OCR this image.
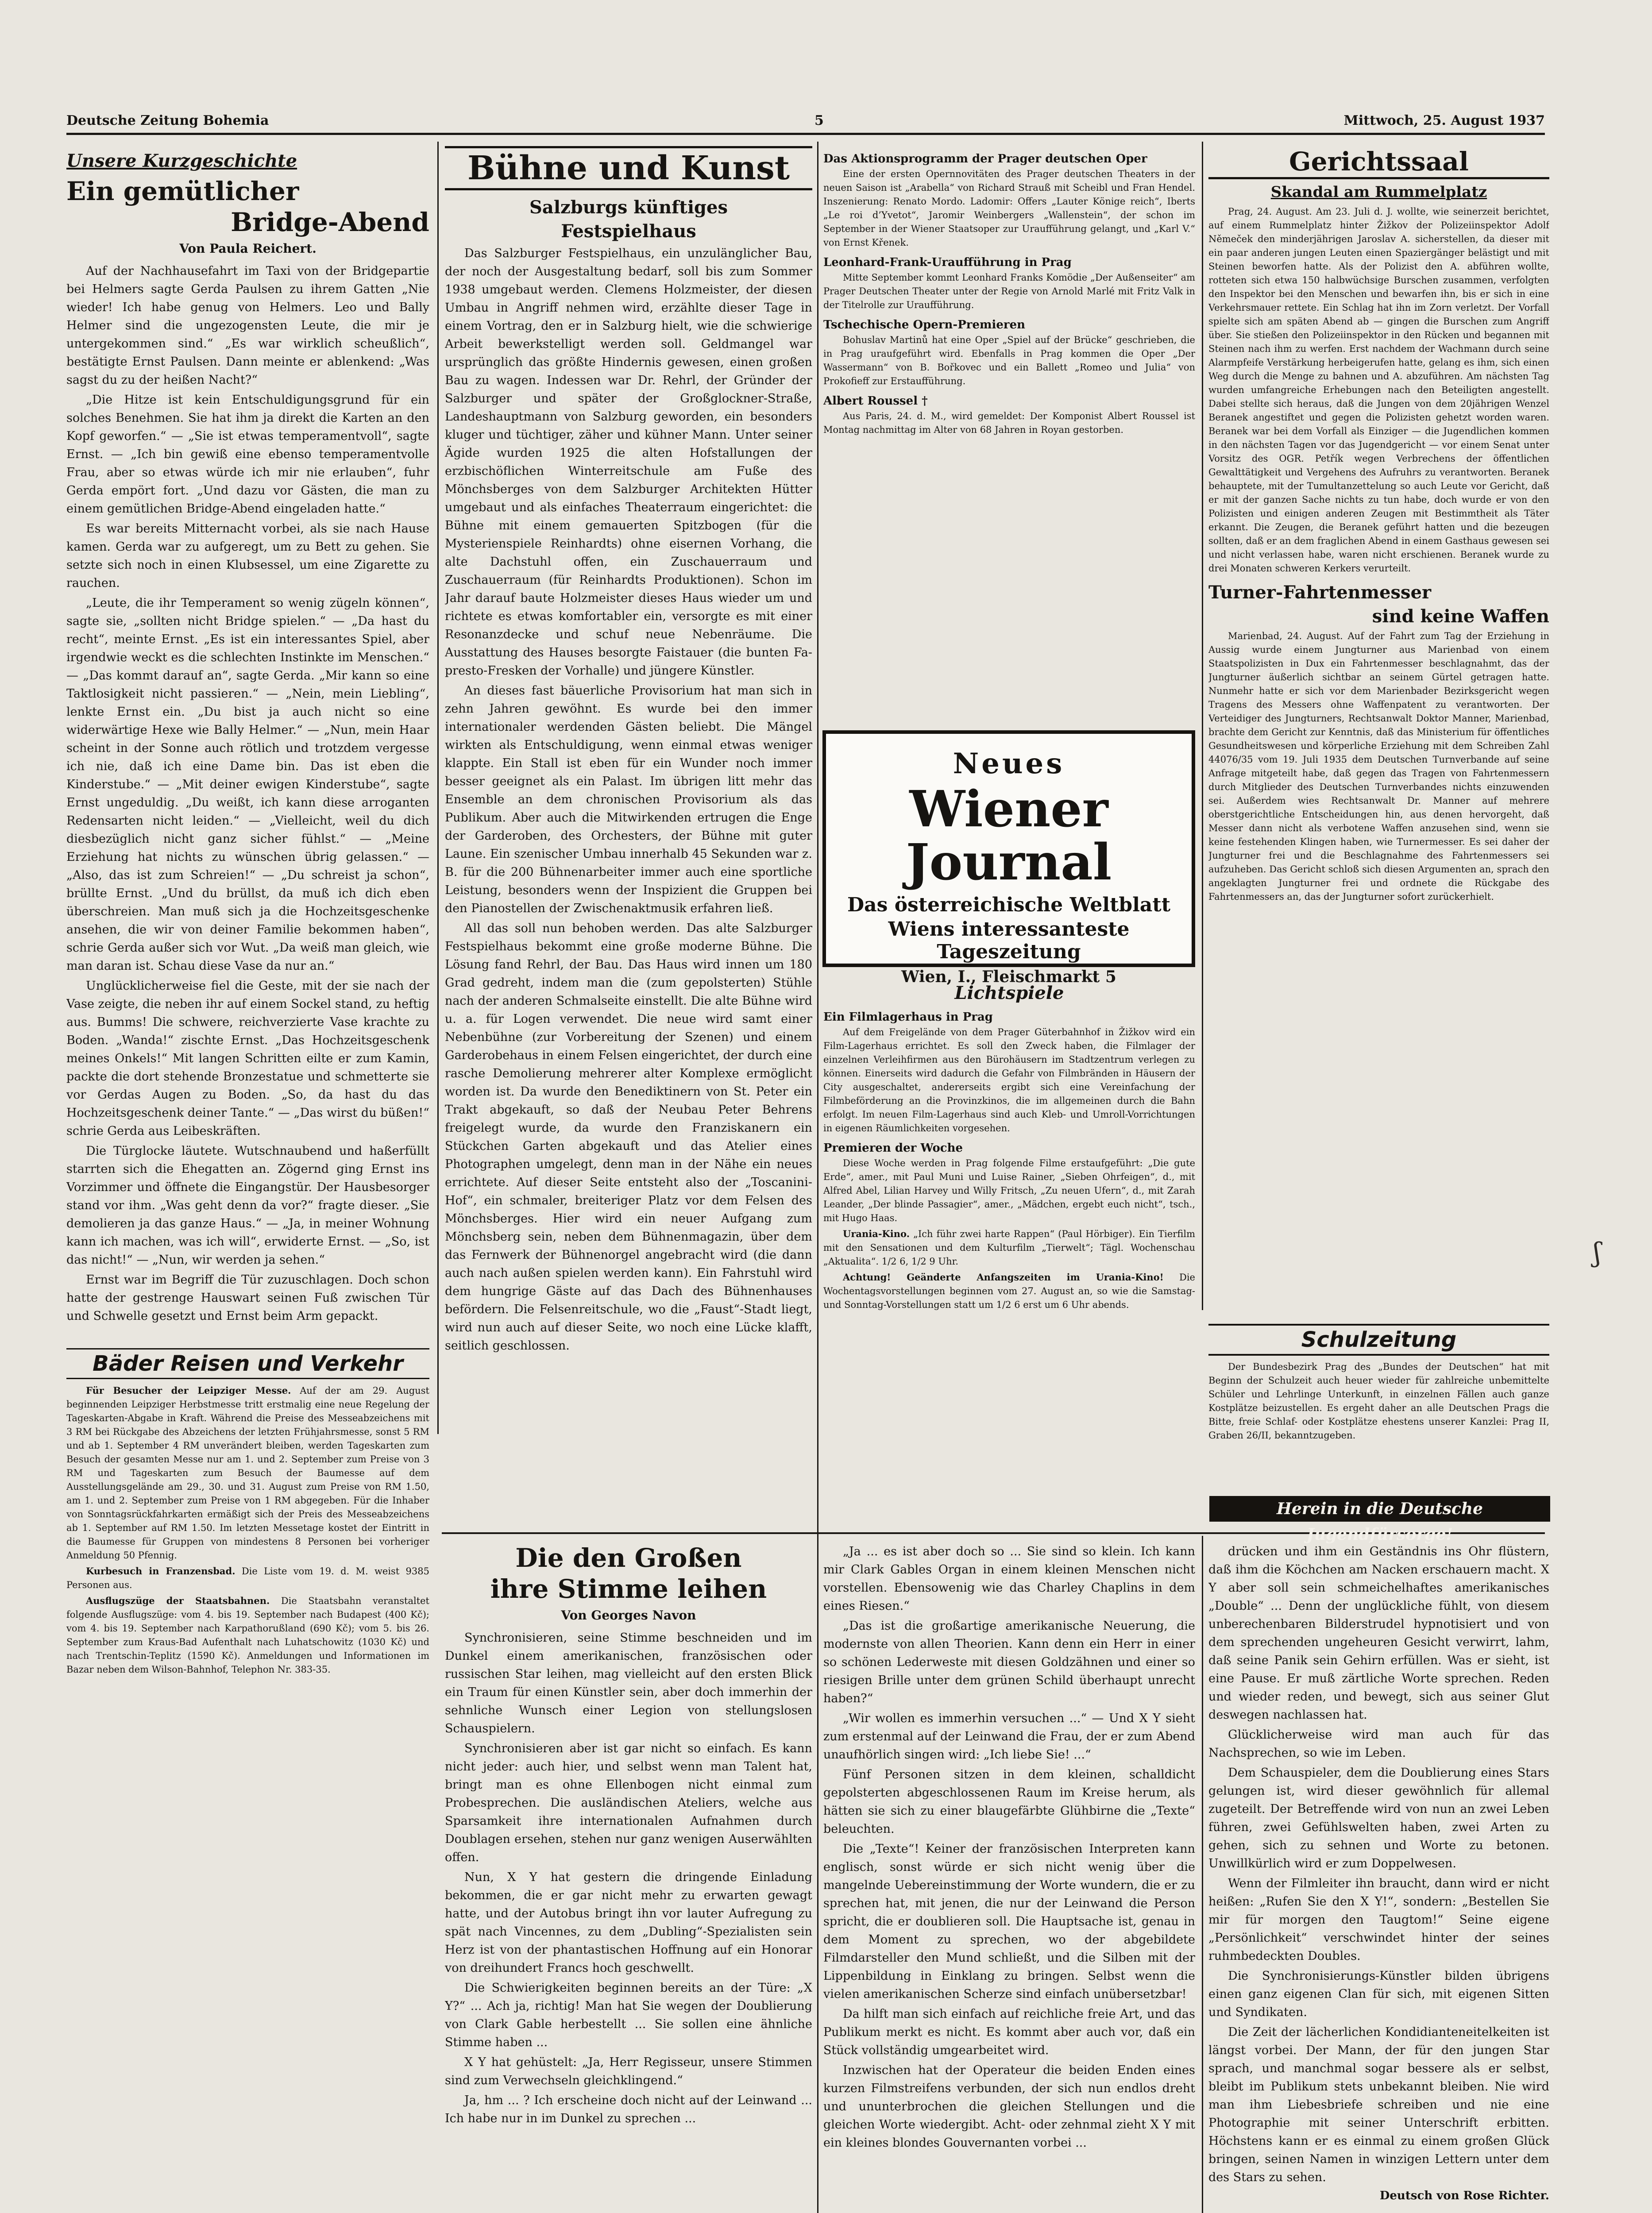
Deutsche Zeitung Bohemia	5	Mittwoch, 25. August 1937
Unsere Kurzgeschichte
Ein gemütlicher
Bridge-Abend
Von Paula Reichert.

Auf der Nachhausefahrt im Taxi von der Bridgepartie bei Helmers sagte Gerda Paulsen zu ihrem Gatten „Nie wieder! Ich habe genug von Helmers. Leo und Bally Helmer sind die ungezogensten Leute, die mir je untergekommen sind.“ „Es war wirklich scheußlich“, bestätigte Ernst Paulsen. Dann meinte er ablenkend: „Was sagst du zu der heißen Nacht?“

„Die Hitze ist kein Entschuldigungsgrund für ein solches Benehmen. Sie hat ihm ja direkt die Karten an den Kopf geworfen.“ — „Sie ist etwas temperamentvoll“, sagte Ernst. — „Ich bin gewiß eine ebenso temperamentvolle Frau, aber so etwas würde ich mir nie erlauben“, fuhr Gerda empört fort. „Und dazu vor Gästen, die man zu einem gemütlichen Bridge-Abend eingeladen hatte.“

Es war bereits Mitternacht vorbei, als sie nach Hause kamen. Gerda war zu aufgeregt, um zu Bett zu gehen. Sie setzte sich noch in einen Klubsessel, um eine Zigarette zu rauchen.

„Leute, die ihr Temperament so wenig zügeln können“, sagte sie, „sollten nicht Bridge spielen.“ — „Da hast du recht“, meinte Ernst. „Es ist ein interessantes Spiel, aber irgendwie weckt es die schlechten Instinkte im Menschen.“ — „Das kommt darauf an“, sagte Gerda. „Mir kann so eine Taktlosigkeit nicht passieren.“ — „Nein, mein Liebling“, lenkte Ernst ein. „Du bist ja auch nicht so eine widerwärtige Hexe wie Bally Helmer.“ — „Nun, mein Haar scheint in der Sonne auch rötlich und trotzdem vergesse ich nie, daß ich eine Dame bin. Das ist eben die Kinderstube.“ — „Mit deiner ewigen Kinderstube“, sagte Ernst ungeduldig. „Du weißt, ich kann diese arroganten Redensarten nicht leiden.“ — „Vielleicht, weil du dich diesbezüglich nicht ganz sicher fühlst.“ — „Meine Erziehung hat nichts zu wünschen übrig gelassen.“ — „Also, das ist zum Schreien!“ — „Du schreist ja schon“, brüllte Ernst. „Und du brüllst, da muß ich dich eben überschreien. Man muß sich ja die Hochzeitsgeschenke ansehen, die wir von deiner Familie bekommen haben“, schrie Gerda außer sich vor Wut. „Da weiß man gleich, wie man daran ist. Schau diese Vase da nur an.“

Unglücklicherweise fiel die Geste, mit der sie nach der Vase zeigte, die neben ihr auf einem Sockel stand, zu heftig aus. Bumms! Die schwere, reichverzierte Vase krachte zu Boden. „Wanda!“ zischte Ernst. „Das Hochzeitsgeschenk meines Onkels!“ Mit langen Schritten eilte er zum Kamin, packte die dort stehende Bronzestatue und schmetterte sie vor Gerdas Augen zu Boden. „So, da hast du das Hochzeitsgeschenk deiner Tante.“ — „Das wirst du büßen!“ schrie Gerda aus Leibeskräften.

Die Türglocke läutete. Wutschnaubend und haßerfüllt starrten sich die Ehegatten an. Zögernd ging Ernst ins Vorzimmer und öffnete die Eingangstür. Der Hausbesorger stand vor ihm. „Was geht denn da vor?“ fragte dieser. „Sie demolieren ja das ganze Haus.“ — „Ja, in meiner Wohnung kann ich machen, was ich will“, erwiderte Ernst. — „So, ist das nicht!“ — „Nun, wir werden ja sehen.“

Ernst war im Begriff die Tür zuzuschlagen. Doch schon hatte der gestrenge Hauswart seinen Fuß zwischen Tür und Schwelle gesetzt und Ernst beim Arm gepackt.

Bäder Reisen und Verkehr

Für Besucher der Leipziger Messe. Auf der am 29. August beginnenden Leipziger Herbstmesse tritt erstmalig eine neue Regelung der Tageskarten-Abgabe in Kraft. Während die Preise des Messeabzeichens mit 3 RM bei Rückgabe des Abzeichens der letzten Frühjahrsmesse, sonst 5 RM und ab 1. September 4 RM unverändert bleiben, werden Tageskarten zum Besuch der gesamten Messe nur am 1. und 2. September zum Preise von 3 RM und Tageskarten zum Besuch der Baumesse auf dem Ausstellungsgelände am 29., 30. und 31. August zum Preise von RM 1.50, am 1. und 2. September zum Preise von 1 RM abgegeben. Für die Inhaber von Sonntagsrückfahrkarten ermäßigt sich der Preis des Messeabzeichens ab 1. September auf RM 1.50. Im letzten Messetage kostet der Eintritt in die Baumesse für Gruppen von mindestens 8 Personen bei vorheriger Anmeldung 50 Pfennig.

Kurbesuch in Franzensbad. Die Liste vom 19. d. M. weist 9385 Personen aus.

Ausflugszüge der Staatsbahnen. Die Staatsbahn veranstaltet folgende Ausflugszüge: vom 4. bis 19. September nach Budapest (400 Kč); vom 4. bis 19. September nach Karpathorußland (690 Kč); vom 5. bis 26. September zum Kraus-Bad Aufenthalt nach Luhatschowitz (1030 Kč) und nach Trentschin-Teplitz (1590 Kč). Anmeldungen und Informationen im Bazar neben dem Wilson-Bahnhof, Telephon Nr. 383-35.

Bühne und Kunst
Salzburgs künftiges
Festspielhaus

Das Salzburger Festspielhaus, ein unzulänglicher Bau, der noch der Ausgestaltung bedarf, soll bis zum Sommer 1938 umgebaut werden. Clemens Holzmeister, der diesen Umbau in Angriff nehmen wird, erzählte dieser Tage in einem Vortrag, den er in Salzburg hielt, wie die schwierige Arbeit bewerkstelligt werden soll. Geldmangel war ursprünglich das größte Hindernis gewesen, einen großen Bau zu wagen. Indessen war Dr. Rehrl, der Gründer der Salzburger und später der Großglockner-Straße, Landeshauptmann von Salzburg geworden, ein besonders kluger und tüchtiger, zäher und kühner Mann. Unter seiner Ägide wurden 1925 die alten Hofstallungen der erzbischöflichen Winterreitschule am Fuße des Mönchsberges von dem Salzburger Architekten Hütter umgebaut und als einfaches Theaterraum eingerichtet: die Bühne mit einem gemauerten Spitzbogen (für die Mysterienspiele Reinhardts) ohne eisernen Vorhang, die alte Dachstuhl offen, ein Zuschauerraum und Zuschauerraum (für Reinhardts Produktionen). Schon im Jahr darauf baute Holzmeister dieses Haus wieder um und richtete es etwas komfortabler ein, versorgte es mit einer Resonanzdecke und schuf neue Nebenräume. Die Ausstattung des Hauses besorgte Faistauer (die bunten Fa-presto-Fresken der Vorhalle) und jüngere Künstler.

An dieses fast bäuerliche Provisorium hat man sich in zehn Jahren gewöhnt. Es wurde bei den immer internationaler werdenden Gästen beliebt. Die Mängel wirkten als Entschuldigung, wenn einmal etwas weniger klappte. Ein Stall ist eben für ein Wunder noch immer besser geeignet als ein Palast. Im übrigen litt mehr das Ensemble an dem chronischen Provisorium als das Publikum. Aber auch die Mitwirkenden ertrugen die Enge der Garderoben, des Orchesters, der Bühne mit guter Laune. Ein szenischer Umbau innerhalb 45 Sekunden war z. B. für die 200 Bühnenarbeiter immer auch eine sportliche Leistung, besonders wenn der Inspizient die Gruppen bei den Pianostellen der Zwischenaktmusik erfahren ließ.

All das soll nun behoben werden. Das alte Salzburger Festspielhaus bekommt eine große moderne Bühne. Die Lösung fand Rehrl, der Bau. Das Haus wird innen um 180 Grad gedreht, indem man die (zum gepolsterten) Stühle nach der anderen Schmalseite einstellt. Die alte Bühne wird u. a. für Logen verwendet. Die neue wird samt einer Nebenbühne (zur Vorbereitung der Szenen) und einem Garderobehaus in einem Felsen eingerichtet, der durch eine rasche Demolierung mehrerer alter Komplexe ermöglicht worden ist. Da wurde den Benediktinern von St. Peter ein Trakt abgekauft, so daß der Neubau Peter Behrens freigelegt wurde, da wurde den Franziskanern ein Stückchen Garten abgekauft und das Atelier eines Photographen umgelegt, denn man in der Nähe ein neues errichtete. Auf dieser Seite entsteht also der „Toscanini-Hof“, ein schmaler, breiteriger Platz vor dem Felsen des Mönchsberges. Hier wird ein neuer Aufgang zum Mönchsberg sein, neben dem Bühnenmagazin, über dem das Fernwerk der Bühnenorgel angebracht wird (die dann auch nach außen spielen werden kann). Ein Fahrstuhl wird dem hungrige Gäste auf das Dach des Bühnenhauses befördern. Die Felsenreitschule, wo die „Faust“-Stadt liegt, wird nun auch auf dieser Seite, wo noch eine Lücke klafft, seitlich geschlossen.

Das Aktionsprogramm der Prager deutschen Oper

Eine der ersten Opernnovitäten des Prager deutschen Theaters in der neuen Saison ist „Arabella“ von Richard Strauß mit Scheibl und Fran Hendel. Inszenierung: Renato Mordo. Ladomir: Offers „Lauter Könige reich“, Iberts „Le roi d’Yvetot“, Jaromir Weinbergers „Wallenstein“, der schon im September in der Wiener Staatsoper zur Uraufführung gelangt, und „Karl V.“ von Ernst Křenek.

Leonhard-Frank-Uraufführung in Prag

Mitte September kommt Leonhard Franks Komödie „Der Außenseiter“ am Prager Deutschen Theater unter der Regie von Arnold Marlé mit Fritz Valk in der Titelrolle zur Uraufführung.

Tschechische Opern-Premieren

Bohuslav Martinů hat eine Oper „Spiel auf der Brücke“ geschrieben, die in Prag uraufgeführt wird. Ebenfalls in Prag kommen die Oper „Der Wassermann“ von B. Bořkovec und ein Ballett „Romeo und Julia“ von Prokofieff zur Erstaufführung.

Albert Roussel †

Aus Paris, 24. d. M., wird gemeldet: Der Komponist Albert Roussel ist Montag nachmittag im Alter von 68 Jahren in Royan gestorben.

Neues
Wiener Journal
Das österreichische Weltblatt
Wiens interessanteste Tageszeitung
Wien, I., Fleischmarkt 5
Lichtspiele
Ein Filmlagerhaus in Prag

Auf dem Freigelände von dem Prager Güterbahnhof in Žižkov wird ein Film-Lagerhaus errichtet. Es soll den Zweck haben, die Filmlager der einzelnen Verleihfirmen aus den Bürohäusern im Stadtzentrum verlegen zu können. Einerseits wird dadurch die Gefahr von Filmbränden in Häusern der City ausgeschaltet, andererseits ergibt sich eine Vereinfachung der Filmbeförderung an die Provinzkinos, die im allgemeinen durch die Bahn erfolgt. Im neuen Film-Lagerhaus sind auch Kleb- und Umroll-Vorrichtungen in eigenen Räumlichkeiten vorgesehen.

Premieren der Woche

Diese Woche werden in Prag folgende Filme erstaufgeführt: „Die gute Erde“, amer., mit Paul Muni und Luise Rainer, „Sieben Ohrfeigen“, d., mit Alfred Abel, Lilian Harvey und Willy Fritsch, „Zu neuen Ufern“, d., mit Zarah Leander, „Der blinde Passagier“, amer., „Mädchen, ergebt euch nicht“, tsch., mit Hugo Haas.

Urania-Kino. „Ich führ zwei harte Rappen“ (Paul Hörbiger). Ein Tierfilm mit den Sensationen und dem Kulturfilm „Tierwelt“; Tägl. Wochenschau „Aktualita“. 1/2 6, 1/2 9 Uhr.

Achtung! Geänderte Anfangszeiten im Urania-Kino! Die Wochentagsvorstellungen beginnen vom 27. August an, so wie die Samstag- und Sonntag-Vorstellungen statt um 1/2 6 erst um 6 Uhr abends.

Gerichtssaal
Skandal am Rummelplatz

Prag, 24. August. Am 23. Juli d. J. wollte, wie seinerzeit berichtet, auf einem Rummelplatz hinter Žižkov der Polizeiinspektor Adolf Němeček den minderjährigen Jaroslav A. sicherstellen, da dieser mit ein paar anderen jungen Leuten einen Spaziergänger belästigt und mit Steinen beworfen hatte. Als der Polizist den A. abführen wollte, rotteten sich etwa 150 halbwüchsige Burschen zusammen, verfolgten den Inspektor bei den Menschen und bewarfen ihn, bis er sich in eine Verkehrsmauer rettete. Ein Schlag hat ihn im Zorn verletzt. Der Vorfall spielte sich am späten Abend ab — gingen die Burschen zum Angriff über. Sie stießen den Polizeiinspektor in den Rücken und begannen mit Steinen nach ihm zu werfen. Erst nachdem der Wachmann durch seine Alarmpfeife Verstärkung herbeigerufen hatte, gelang es ihm, sich einen Weg durch die Menge zu bahnen und A. abzuführen. Am nächsten Tag wurden umfangreiche Erhebungen nach den Beteiligten angestellt. Dabei stellte sich heraus, daß die Jungen von dem 20jährigen Wenzel Beranek angestiftet und gegen die Polizisten gehetzt worden waren. Beranek war bei dem Vorfall als Einziger — die Jugendlichen kommen in den nächsten Tagen vor das Jugendgericht — vor einem Senat unter Vorsitz des OGR. Petřík wegen Verbrechens der öffentlichen Gewalttätigkeit und Vergehens des Aufruhrs zu verantworten. Beranek behauptete, mit der Tumultanzettelung so auch Leute vor Gericht, daß er mit der ganzen Sache nichts zu tun habe, doch wurde er von den Polizisten und einigen anderen Zeugen mit Bestimmtheit als Täter erkannt. Die Zeugen, die Beranek geführt hatten und die bezeugen sollten, daß er an dem fraglichen Abend in einem Gasthaus gewesen sei und nicht verlassen habe, waren nicht erschienen. Beranek wurde zu drei Monaten schweren Kerkers verurteilt.

Turner-Fahrtenmesser
sind keine Waffen

Marienbad, 24. August. Auf der Fahrt zum Tag der Erziehung in Aussig wurde einem Jungturner aus Marienbad von einem Staatspolizisten in Dux ein Fahrtenmesser beschlagnahmt, das der Jungturner äußerlich sichtbar an seinem Gürtel getragen hatte. Nunmehr hatte er sich vor dem Marienbader Bezirksgericht wegen Tragens des Messers ohne Waffenpatent zu verantworten. Der Verteidiger des Jungturners, Rechtsanwalt Doktor Manner, Marienbad, brachte dem Gericht zur Kenntnis, daß das Ministerium für öffentliches Gesundheitswesen und körperliche Erziehung mit dem Schreiben Zahl 44076/35 vom 19. Juli 1935 dem Deutschen Turnverbande auf seine Anfrage mitgeteilt habe, daß gegen das Tragen von Fahrtenmessern durch Mitglieder des Deutschen Turnverbandes nichts einzuwenden sei. Außerdem wies Rechtsanwalt Dr. Manner auf mehrere oberstgerichtliche Entscheidungen hin, aus denen hervorgeht, daß Messer dann nicht als verbotene Waffen anzusehen sind, wenn sie keine festehenden Klingen haben, wie Turnermesser. Es sei daher der Jungturner frei und die Beschlagnahme des Fahrtenmessers sei aufzuheben. Das Gericht schloß sich diesen Argumenten an, sprach den angeklagten Jungturner frei und ordnete die Rückgabe des Fahrtenmessers an, das der Jungturner sofort zurückerhielt.

Schulzeitung

Der Bundesbezirk Prag des „Bundes der Deutschen“ hat mit Beginn der Schulzeit auch heuer wieder für zahlreiche unbemittelte Schüler und Lehrlinge Unterkunft, in einzelnen Fällen auch ganze Kostplätze beizustellen. Es ergeht daher an alle Deutschen Prags die Bitte, freie Schlaf- oder Kostplätze ehestens unserer Kanzlei: Prag II, Graben 26/II, bekanntzugeben.

Herein in die Deutsche Jugendfürsorge!
Die den Großen
ihre Stimme leihen
Von Georges Navon

Synchronisieren, seine Stimme beschneiden und im Dunkel einem amerikanischen, französischen oder russischen Star leihen, mag vielleicht auf den ersten Blick ein Traum für einen Künstler sein, aber doch immerhin der sehnliche Wunsch einer Legion von stellungslosen Schauspielern.

Synchronisieren aber ist gar nicht so einfach. Es kann nicht jeder: auch hier, und selbst wenn man Talent hat, bringt man es ohne Ellenbogen nicht einmal zum Probesprechen. Die ausländischen Ateliers, welche aus Sparsamkeit ihre internationalen Aufnahmen durch Doublagen ersehen, stehen nur ganz wenigen Auserwählten offen.

Nun, X Y hat gestern die dringende Einladung bekommen, die er gar nicht mehr zu erwarten gewagt hatte, und der Autobus bringt ihn vor lauter Aufregung zu spät nach Vincennes, zu dem „Dubling“-Spezialisten sein Herz ist von der phantastischen Hoffnung auf ein Honorar von dreihundert Francs hoch geschwellt.

Die Schwierigkeiten beginnen bereits an der Türe: „X Y?“ ... Ach ja, richtig! Man hat Sie wegen der Doublierung von Clark Gable herbestellt ... Sie sollen eine ähnliche Stimme haben ...

X Y hat gehüstelt: „Ja, Herr Regisseur, unsere Stimmen sind zum Verwechseln gleichklingend.“

Ja, hm ... ? Ich erscheine doch nicht auf der Leinwand ... Ich habe nur in im Dunkel zu sprechen ...

„Ja ... es ist aber doch so ... Sie sind so klein. Ich kann mir Clark Gables Organ in einem kleinen Menschen nicht vorstellen. Ebensowenig wie das Charley Chaplins in dem eines Riesen.“

„Das ist die großartige amerikanische Neuerung, die modernste von allen Theorien. Kann denn ein Herr in einer so schönen Lederweste mit diesen Goldzähnen und einer so riesigen Brille unter dem grünen Schild überhaupt unrecht haben?“

„Wir wollen es immerhin versuchen ...“ — Und X Y sieht zum erstenmal auf der Leinwand die Frau, der er zum Abend unaufhörlich singen wird: „Ich liebe Sie! ...“

Fünf Personen sitzen in dem kleinen, schalldicht gepolsterten abgeschlossenen Raum im Kreise herum, als hätten sie sich zu einer blaugefärbte Glühbirne die „Texte“ beleuchten.

Die „Texte“! Keiner der französischen Interpreten kann englisch, sonst würde er sich nicht wenig über die mangelnde Uebereinstimmung der Worte wundern, die er zu sprechen hat, mit jenen, die nur der Leinwand die Person spricht, die er doublieren soll. Die Hauptsache ist, genau in dem Moment zu sprechen, wo der abgebildete Filmdarsteller den Mund schließt, und die Silben mit der Lippenbildung in Einklang zu bringen. Selbst wenn die vielen amerikanischen Scherze sind einfach unübersetzbar!

Da hilft man sich einfach auf reichliche freie Art, und das Publikum merkt es nicht. Es kommt aber auch vor, daß ein Stück vollständig umgearbeitet wird.

Inzwischen hat der Operateur die beiden Enden eines kurzen Filmstreifens verbunden, der sich nun endlos dreht und ununterbrochen die gleichen Stellungen und die gleichen Worte wiedergibt. Acht- oder zehnmal zieht X Y mit ein kleines blondes Gouvernanten vorbei ...

drücken und ihm ein Geständnis ins Ohr flüstern, daß ihm die Köchchen am Nacken erschauern macht. X Y aber soll sein schmeichelhaftes amerikanisches „Double“ ... Denn der unglückliche fühlt, von diesem unberechenbaren Bilderstrudel hypnotisiert und von dem sprechenden ungeheuren Gesicht verwirrt, lahm, daß seine Panik sein Gehirn erfüllen. Was er sieht, ist eine Pause. Er muß zärtliche Worte sprechen. Reden und wieder reden, und bewegt, sich aus seiner Glut deswegen nachlassen hat.

Glücklicherweise wird man auch für das Nachsprechen, so wie im Leben.

Dem Schauspieler, dem die Doublierung eines Stars gelungen ist, wird dieser gewöhnlich für allemal zugeteilt. Der Betreffende wird von nun an zwei Leben führen, zwei Gefühlswelten haben, zwei Arten zu gehen, sich zu sehnen und Worte zu betonen. Unwillkürlich wird er zum Doppelwesen.

Wenn der Filmleiter ihn braucht, dann wird er nicht heißen: „Rufen Sie den X Y!“, sondern: „Bestellen Sie mir für morgen den Taugtom!“ Seine eigene „Persönlichkeit“ verschwindet hinter der seines ruhmbedeckten Doubles.

Die Synchronisierungs-Künstler bilden übrigens einen ganz eigenen Clan für sich, mit eigenen Sitten und Syndikaten.

Die Zeit der lächerlichen Kondidianteneitelkeiten ist längst vorbei. Der Mann, der für den jungen Star sprach, und manchmal sogar bessere als er selbst, bleibt im Publikum stets unbekannt bleiben. Nie wird man ihm Liebesbriefe schreiben und nie eine Photographie mit seiner Unterschrift erbitten. Höchstens kann er es einmal zu einem großen Glück bringen, seinen Namen in winzigen Lettern unter dem des Stars zu sehen.

Deutsch von Rose Richter.
ʃ
